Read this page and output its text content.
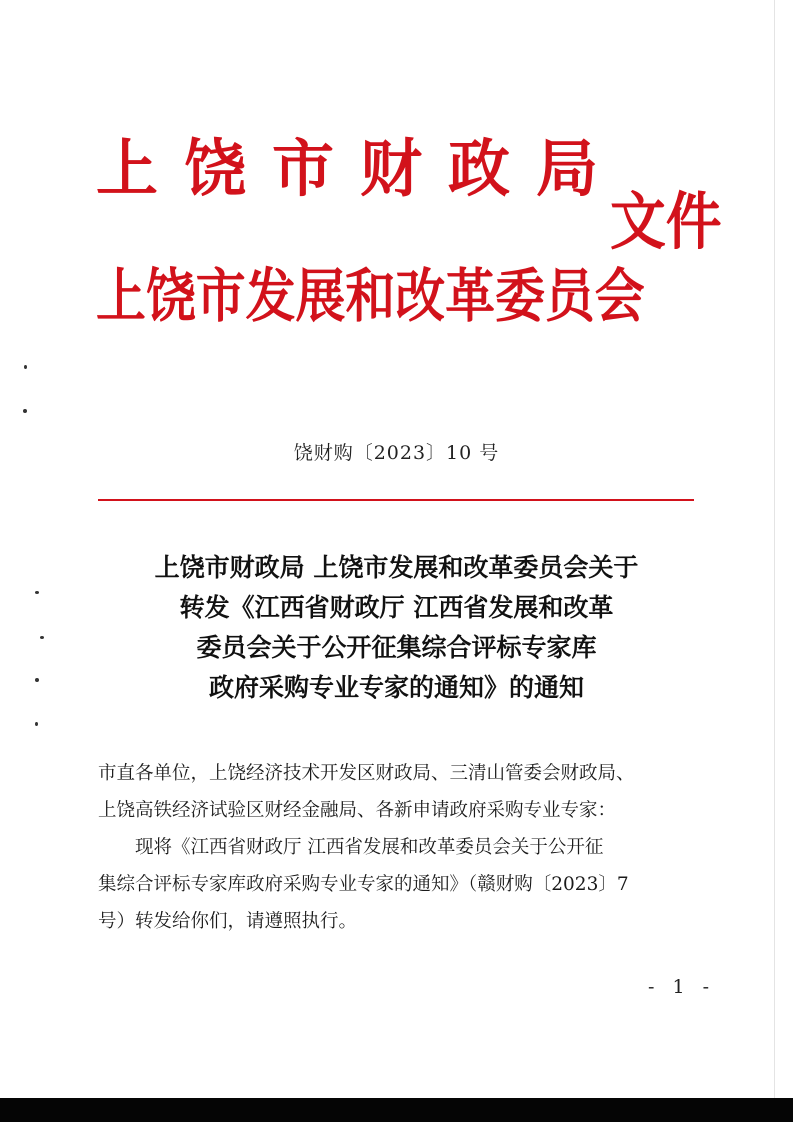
上饶市财政局
上饶市发展和改革委员会
文件
饶财购〔2023〕10 号
上饶市财政局 上饶市发展和改革委员会关于
转发《江西省财政厅 江西省发展和改革
委员会关于公开征集综合评标专家库
政府采购专业专家的通知》的通知

市直各单位，上饶经济技术开发区财政局、三清山管委会财政局、

上饶高铁经济试验区财经金融局、各新申请政府采购专业专家：

现将《江西省财政厅 江西省发展和改革委员会关于公开征

集综合评标专家库政府采购专业专家的通知》（赣财购〔2023〕7

号）转发给你们，请遵照执行。

- 1 -
